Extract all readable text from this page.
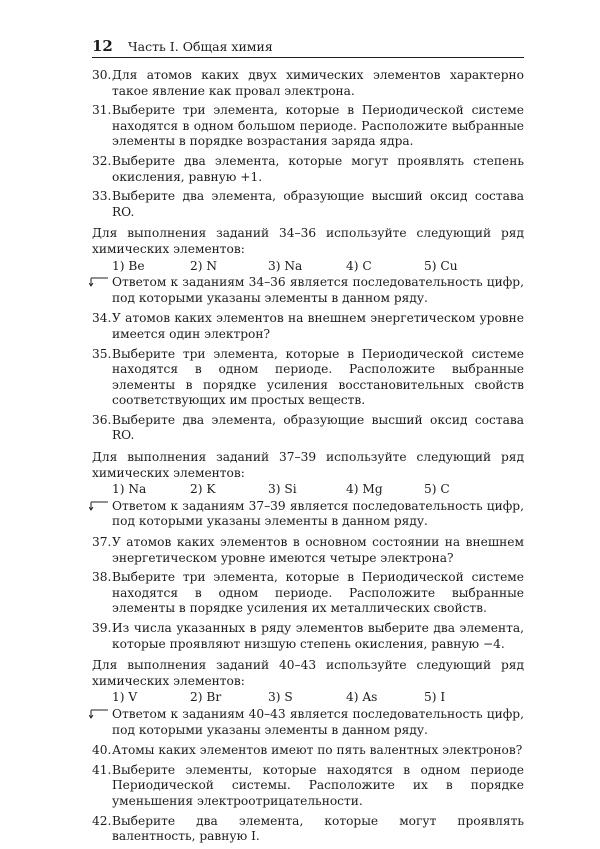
12 Часть I. Общая химия
30. Для атомов каких двух химических элементов характерно такое явление как провал электрона.
31. Выберите три элемента, которые в Периодической системе находятся в одном большом периоде. Расположите выбранные элементы в порядке возрастания заряда ядра.
32. Выберите два элемента, которые могут проявлять степень окисления, равную +1.
33. Выберите два элемента, образующие высший оксид состава RO.
Для выполнения заданий 34–36 используйте следующий ряд химических элементов:
1) Be	2) N	3) Na	4) C	5) Cu
Ответом к заданиям 34–36 является последовательность цифр, под которыми указаны элементы в данном ряду.
34. У атомов каких элементов на внешнем энергетическом уровне имеется один электрон?
35. Выберите три элемента, которые в Периодической системе находятся в одном периоде. Расположите выбранные элементы в порядке усиления восстановительных свойств соответствующих им простых веществ.
36. Выберите два элемента, образующие высший оксид состава RO.
Для выполнения заданий 37–39 используйте следующий ряд химических элементов:
1) Na	2) K	3) Si	4) Mg	5) C
Ответом к заданиям 37–39 является последовательность цифр, под которыми указаны элементы в данном ряду.
37. У атомов каких элементов в основном состоянии на внешнем энергетическом уровне имеются четыре электрона?
38. Выберите три элемента, которые в Периодической системе находятся в одном периоде. Расположите выбранные элементы в порядке усиления их металлических свойств.
39. Из числа указанных в ряду элементов выберите два элемента, которые проявляют низшую степень окисления, равную −4.
Для выполнения заданий 40–43 используйте следующий ряд химических элементов:
1) V	2) Br	3) S	4) As	5) I
Ответом к заданиям 40–43 является последовательность цифр, под которыми указаны элементы в данном ряду.
40. Атомы каких элементов имеют по пять валентных электронов?
41. Выберите элементы, которые находятся в одном периоде Периодической системы. Расположите их в порядке уменьшения электроотрицательности.
42. Выберите два элемента, которые могут проявлять валентность, равную I.
